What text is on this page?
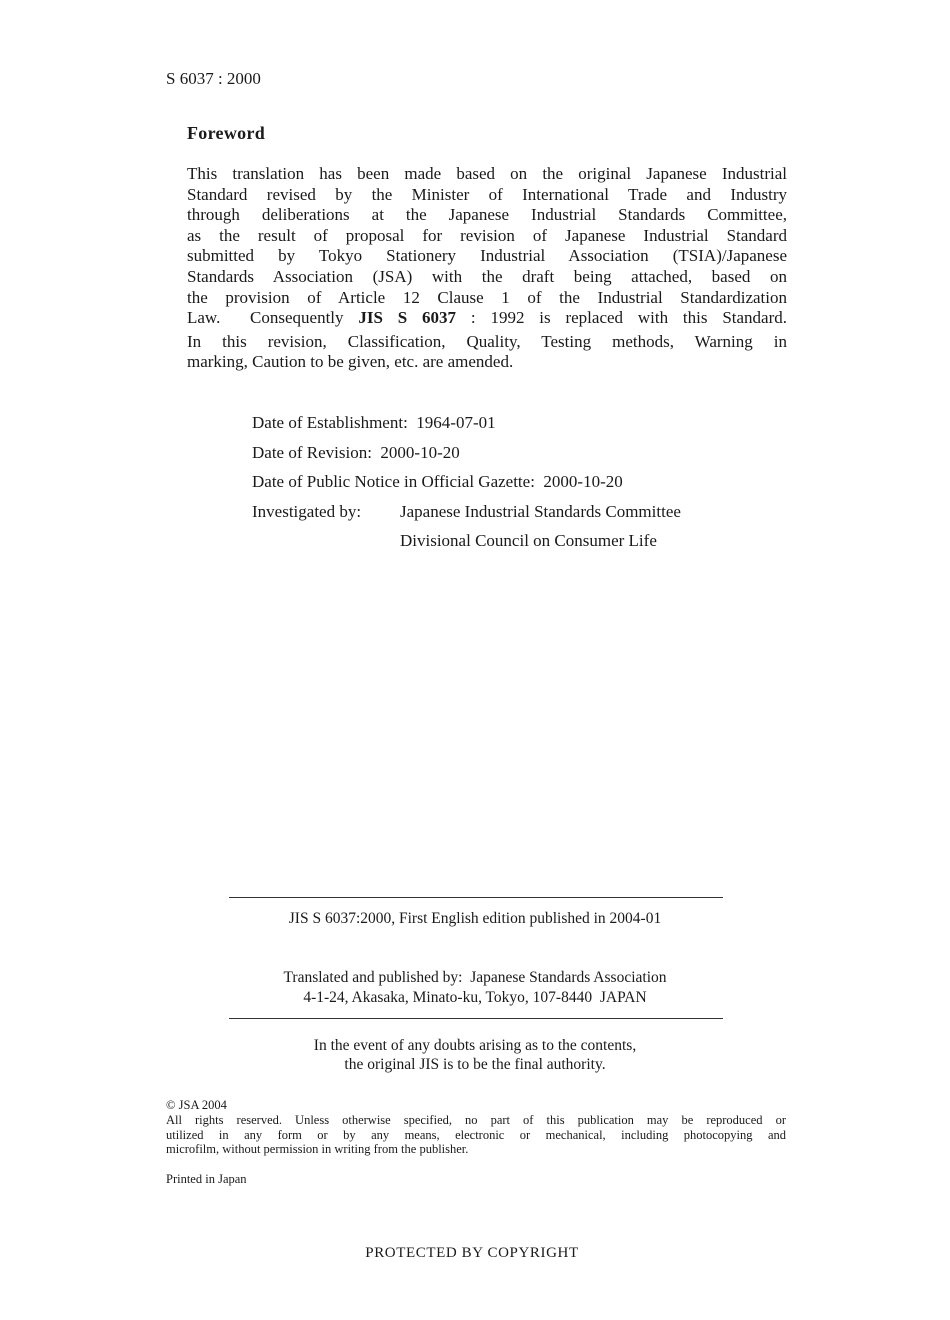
S 6037 : 2000
Foreword
This translation has been made based on the original Japanese Industrial
Standard revised by the Minister of International Trade and Industry
through deliberations at the Japanese Industrial Standards Committee,
as the result of proposal for revision of Japanese Industrial Standard
submitted by Tokyo Stationery Industrial Association (TSIA)/Japanese
Standards Association (JSA) with the draft being attached, based on
the provision of Article 12 Clause 1 of the Industrial Standardization
Law.  Consequently JIS S 6037 : 1992 is replaced with this Standard.
In this revision, Classification, Quality, Testing methods, Warning in
marking, Caution to be given, etc. are amended.
Date of Establishment:  1964-07-01
Date of Revision:  2000-10-20
Date of Public Notice in Official Gazette:  2000-10-20
Investigated by: Japanese Industrial Standards Committee
Divisional Council on Consumer Life
JIS S 6037:2000, First English edition published in 2004-01
Translated and published by:  Japanese Standards Association
4-1-24, Akasaka, Minato-ku, Tokyo, 107-8440  JAPAN
In the event of any doubts arising as to the contents,
the original JIS is to be the final authority.
© JSA 2004
All rights reserved. Unless otherwise specified, no part of this publication may be reproduced or
utilized in any form or by any means, electronic or mechanical, including photocopying and
microfilm, without permission in writing from the publisher.
Printed in Japan
PROTECTED BY COPYRIGHT
